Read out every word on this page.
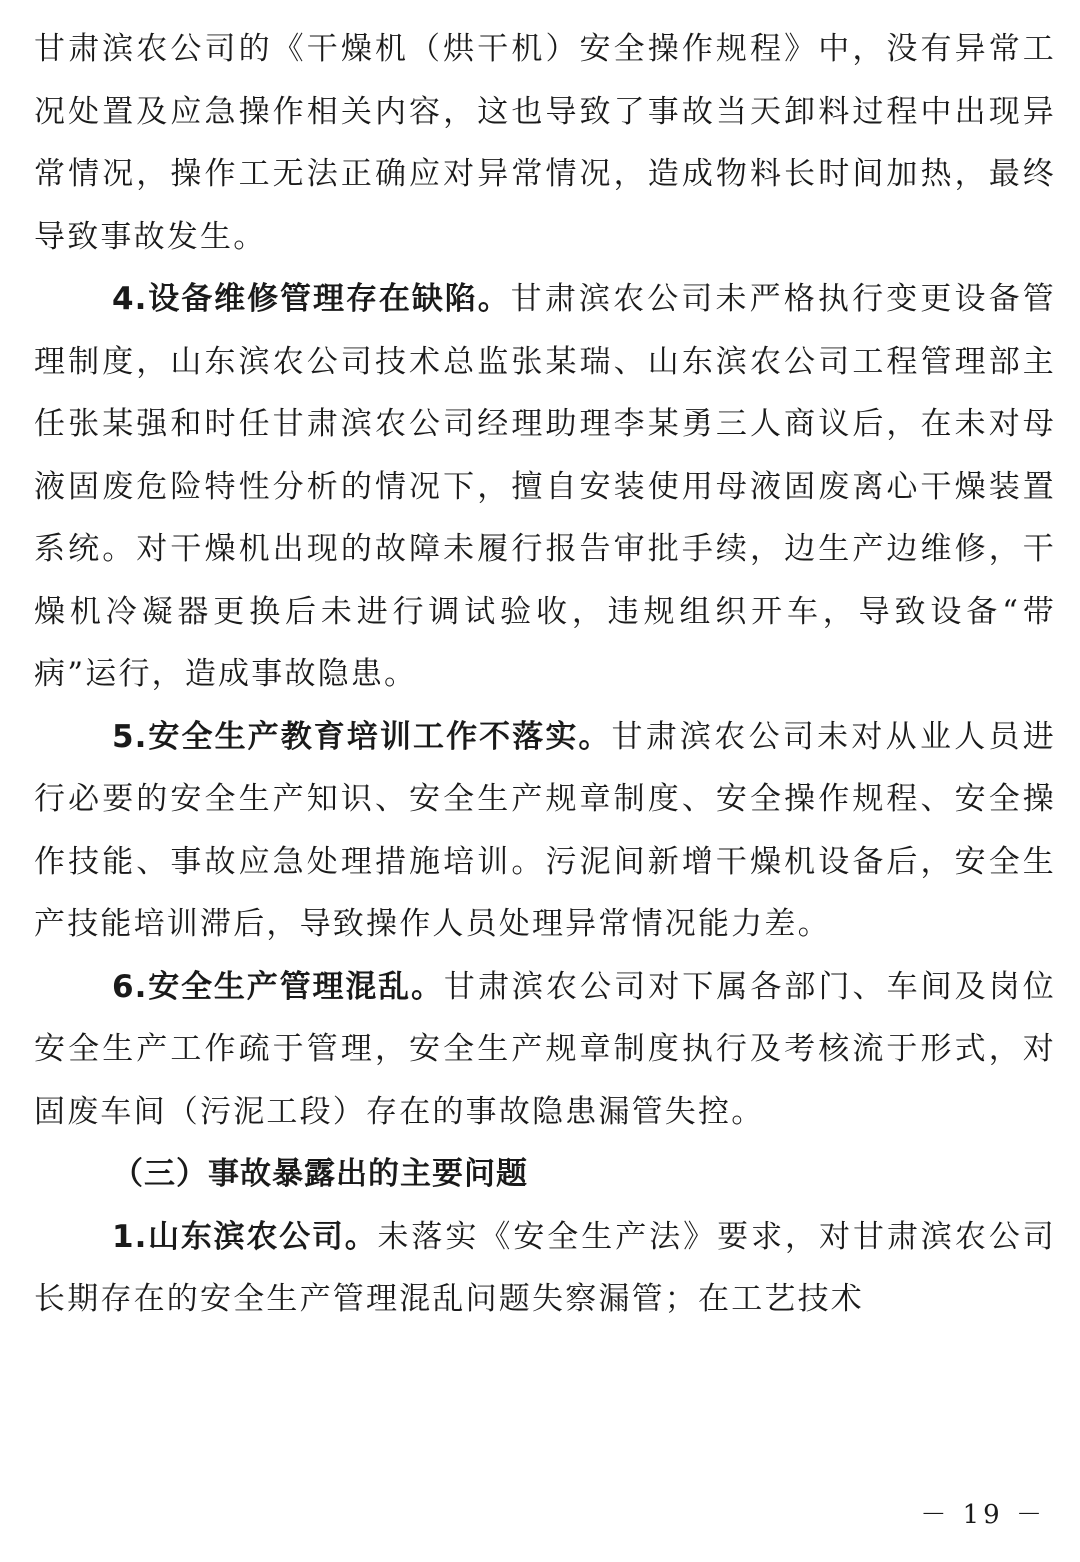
甘肃滨农公司的《干燥机（烘干机）安全操作规程》中，没有异常工况处置及应急操作相关内容，这也导致了事故当天卸料过程中出现异常情况，操作工无法正确应对异常情况，造成物料长时间加热，最终导致事故发生。

4.设备维修管理存在缺陷。甘肃滨农公司未严格执行变更设备管理制度，山东滨农公司技术总监张某瑞、山东滨农公司工程管理部主任张某强和时任甘肃滨农公司经理助理李某勇三人商议后，在未对母液固废危险特性分析的情况下，擅自安装使用母液固废离心干燥装置系统。对干燥机出现的故障未履行报告审批手续，边生产边维修，干燥机冷凝器更换后未进行调试验收，违规组织开车，导致设备“带病”运行，造成事故隐患。

5.安全生产教育培训工作不落实。甘肃滨农公司未对从业人员进行必要的安全生产知识、安全生产规章制度、安全操作规程、安全操作技能、事故应急处理措施培训。污泥间新增干燥机设备后，安全生产技能培训滞后，导致操作人员处理异常情况能力差。

6.安全生产管理混乱。甘肃滨农公司对下属各部门、车间及岗位安全生产工作疏于管理，安全生产规章制度执行及考核流于形式，对固废车间（污泥工段）存在的事故隐患漏管失控。

（三）事故暴露出的主要问题

1.山东滨农公司。未落实《安全生产法》要求，对甘肃滨农公司长期存在的安全生产管理混乱问题失察漏管；在工艺技术

－ 19 －
